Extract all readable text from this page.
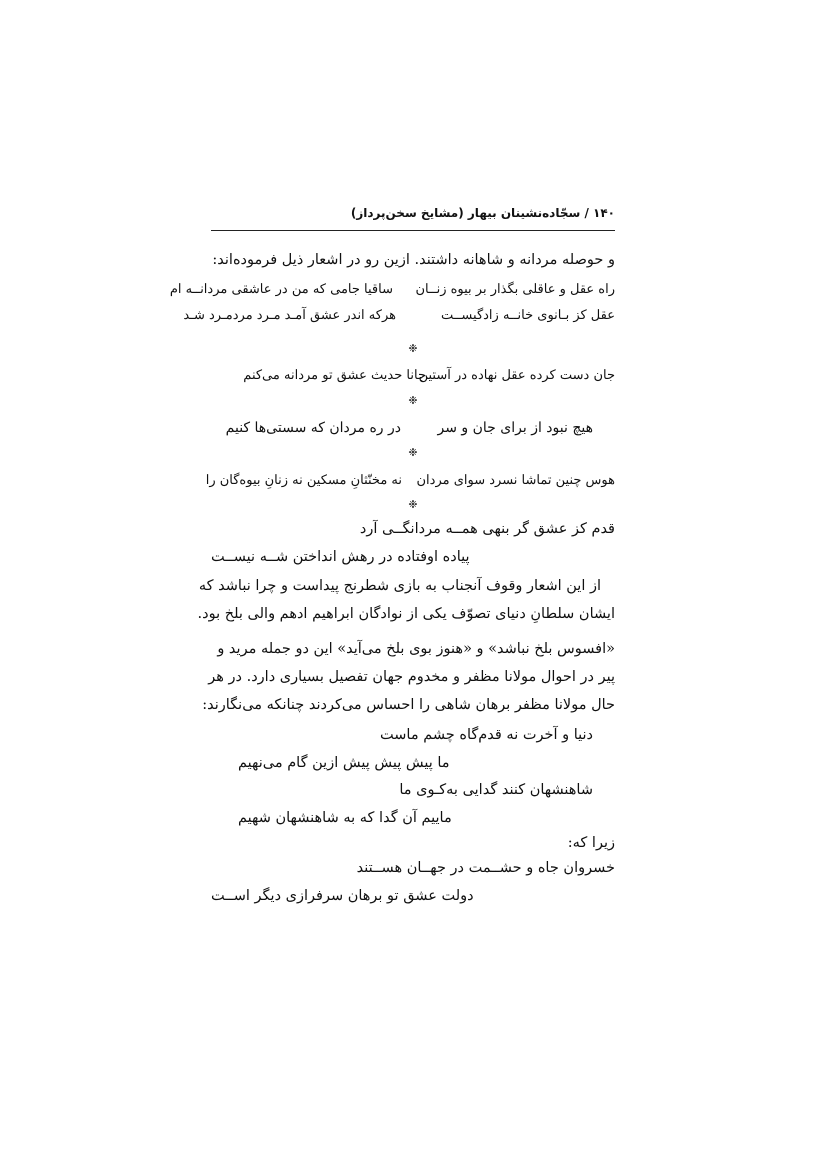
۱۴۰ / سجّاده‌نشینان بیهار (مشایخ سخن‌پرداز)
و حوصله مردانه و شاهانه داشتند. ازین رو در اشعار ذیل فرموده‌اند:
راه عقل و عاقلی بگذار بر بیوه زنــان
ساقیا جامی که من در عاشقی مردانــه ام
عقل کز بـانوی خانــه زادگیســت
هرکه اندر عشق آمـد مـرد مردمـرد شـد
❉
جان دست کرده عقل نهاده در آستین
جانا حدیث عشق تو مردانه می‌کنم
❉
هیچ نبود از برای جان و سر
در ره مردان که سستی‌ها کنیم
❉
هوس چنین تماشا نسرد سوای مردان
نه مخنّثانِ مسکین نه زنانِ بیوه‌گان را
❉
قدم کز عشق گر بنهی همــه مردانگــی آرد
پیاده اوفتاده در رهش انداختن شــه نیســت
از این اشعار وقوف آنجناب به بازی شطرنج پیداست و چرا نباشد که
ایشان سلطانِ دنیای تصوّف یکی از نوادگان ابراهیم ادهم والی بلخ بود.
«افسوس بلخ نباشد» و «هنوز بوی بلخ می‌آید» این دو جمله مرید و
پیر در احوال مولانا مظفر و مخدوم جهان تفصیل بسیاری دارد. در هر
حال مولانا مظفر برهان شاهی را احساس می‌کردند چنانکه می‌نگارند:
دنیا و آخرت نه قدم‌گاه چشم ماست
ما پیش پیش پیش ازین گام می‌نهیم
شاهنشهان کنند گدایی به‌کـوی ما
ماییم آن گدا که به شاهنشهان شهیم
زیرا که:
خسروان جاه و حشــمت در جهــان هســتند
دولت عشق تو برهان سرفرازی دیگر اســت
